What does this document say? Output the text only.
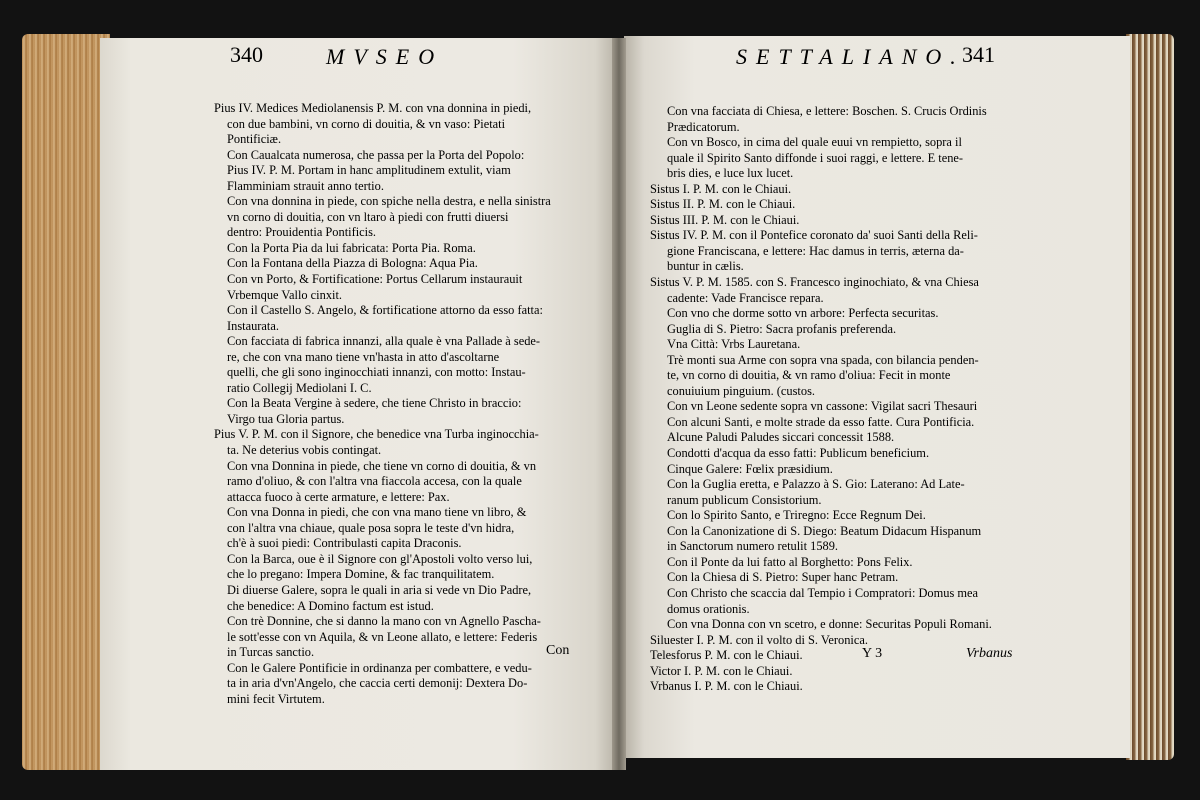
340	MVSEO
Pius IV. Medices Mediolanensis P. M. con vna donnina in piedi,
con due bambini, vn corno di douitia, & vn vaso: Pietati
Pontificiæ.
Con Caualcata numerosa, che passa per la Porta del Popolo:
Pius IV. P. M. Portam in hanc amplitudinem extulit, viam
Flamminiam strauit anno tertio.
Con vna donnina in piede, con spiche nella destra, e nella sinistra
vn corno di douitia, con vn ltaro à piedi con frutti diuersi
dentro: Prouidentia Pontificis.
Con la Porta Pia da lui fabricata: Porta Pia. Roma.
Con la Fontana della Piazza di Bologna: Aqua Pia.
Con vn Porto, & Fortificatione: Portus Cellarum instaurauit
Vrbemque Vallo cinxit.
Con il Castello S. Angelo, & fortificatione attorno da esso fatta:
Instaurata.
Con facciata di fabrica innanzi, alla quale è vna Pallade à sede-
re, che con vna mano tiene vn'hasta in atto d'ascoltarne
quelli, che gli sono inginocchiati innanzi, con motto: Instau-
ratio Collegij Mediolani I. C.
Con la Beata Vergine à sedere, che tiene Christo in braccio:
Virgo tua Gloria partus.
Pius V. P. M. con il Signore, che benedice vna Turba inginocchia-
ta. Ne deterius vobis contingat.
Con vna Donnina in piede, che tiene vn corno di douitia, & vn
ramo d'oliuo, & con l'altra vna fiaccola accesa, con la quale
attacca fuoco à certe armature, e lettere: Pax.
Con vna Donna in piedi, che con vna mano tiene vn libro, &
con l'altra vna chiaue, quale posa sopra le teste d'vn hidra,
ch'è à suoi piedi: Contribulasti capita Draconis.
Con la Barca, oue è il Signore con gl'Apostoli volto verso lui,
che lo pregano: Impera Domine, & fac tranquilitatem.
Di diuerse Galere, sopra le quali in aria si vede vn Dio Padre,
che benedice: A Domino factum est istud.
Con trè Donnine, che si danno la mano con vn Agnello Pascha-
le sott'esse con vn Aquila, & vn Leone allato, e lettere: Federis
in Turcas sanctio.
Con le Galere Pontificie in ordinanza per combattere, e vedu-
ta in aria d'vn'Angelo, che caccia certi demonij: Dextera Do-
mini fecit Virtutem.
Con
SETTALIANO.
341
Con vna facciata di Chiesa, e lettere: Boschen. S. Crucis Ordinis
Prædicatorum.
Con vn Bosco, in cima del quale euui vn rempietto, sopra il
quale il Spirito Santo diffonde i suoi raggi, e lettere. E tene-
bris dies, e luce lux lucet.
Sistus I. P. M. con le Chiaui.
Sistus II. P. M. con le Chiaui.
Sistus III. P. M. con le Chiaui.
Sistus IV. P. M. con il Pontefice coronato da' suoi Santi della Reli-
gione Franciscana, e lettere: Hac damus in terris, æterna da-
buntur in cælis.
Sistus V. P. M. 1585. con S. Francesco inginochiato, & vna Chiesa
cadente: Vade Francisce repara.
Con vno che dorme sotto vn arbore: Perfecta securitas.
Guglia di S. Pietro: Sacra profanis preferenda.
Vna Città: Vrbs Lauretana.
Trè monti sua Arme con sopra vna spada, con bilancia penden-
te, vn corno di douitia, & vn ramo d'oliua: Fecit in monte
conuiuium pinguium. (custos.
Con vn Leone sedente sopra vn cassone: Vigilat sacri Thesauri
Con alcuni Santi, e molte strade da esso fatte. Cura Pontificia.
Alcune Paludi Paludes siccari concessit 1588.
Condotti d'acqua da esso fatti: Publicum beneficium.
Cinque Galere: Fœlix præsidium.
Con la Guglia eretta, e Palazzo à S. Gio: Laterano: Ad Late-
ranum publicum Consistorium.
Con lo Spirito Santo, e Triregno: Ecce Regnum Dei.
Con la Canonizatione di S. Diego: Beatum Didacum Hispanum
in Sanctorum numero retulit 1589.
Con il Ponte da lui fatto al Borghetto: Pons Felix.
Con la Chiesa di S. Pietro: Super hanc Petram.
Con Christo che scaccia dal Tempio i Compratori: Domus mea
domus orationis.
Con vna Donna con vn scetro, e donne: Securitas Populi Romani.
Siluester I. P. M. con il volto di S. Veronica.
Telesforus P. M. con le Chiaui.
Victor I. P. M. con le Chiaui.
Vrbanus I. P. M. con le Chiaui.
Y 3	Vrbanus
